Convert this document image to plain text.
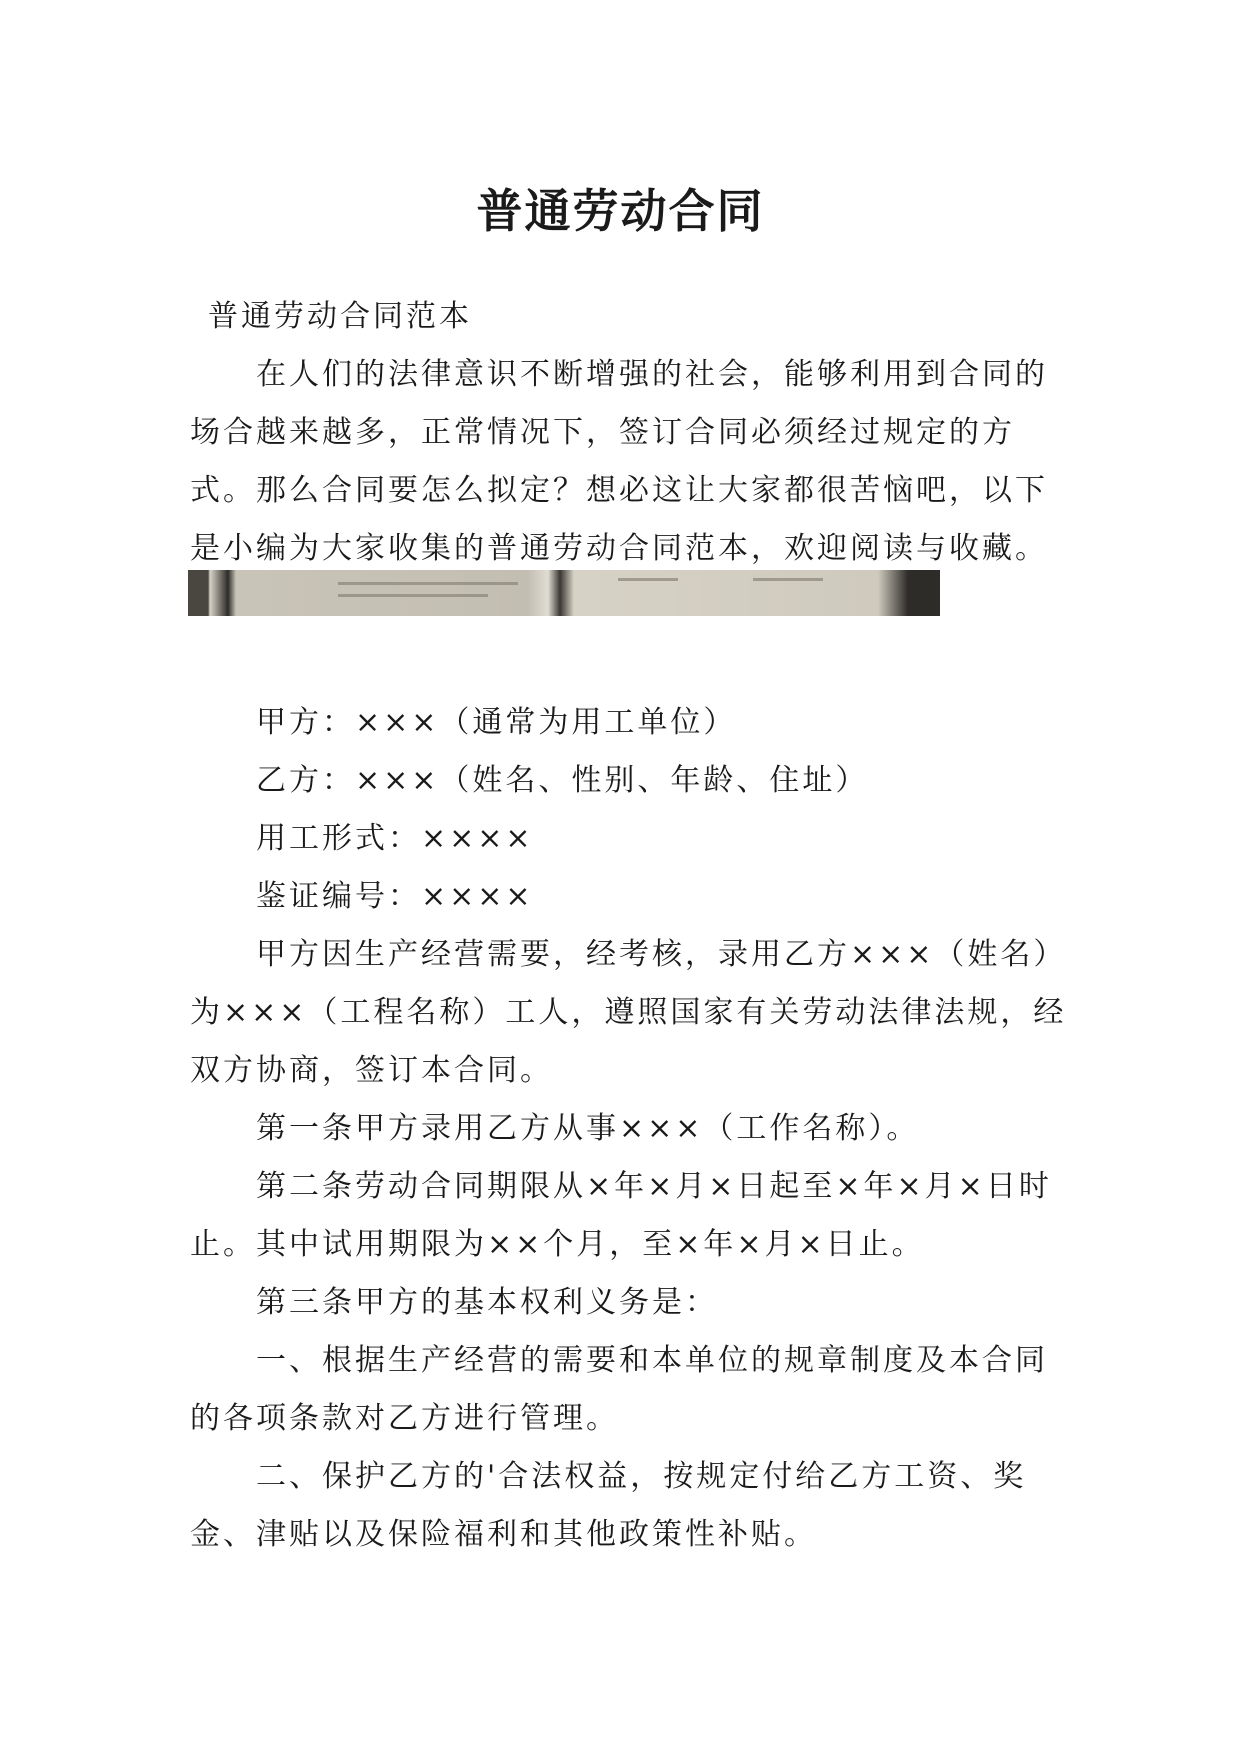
普通劳动合同

普通劳动合同范本

在人们的法律意识不断增强的社会，能够利用到合同的场合越来越多，正常情况下，签订合同必须经过规定的方式。那么合同要怎么拟定？想必这让大家都很苦恼吧，以下是小编为大家收集的普通劳动合同范本，欢迎阅读与收藏。

甲方：×××（通常为用工单位）

乙方：×××（姓名、性别、年龄、住址）

用工形式：××××

鉴证编号：××××

甲方因生产经营需要，经考核，录用乙方×××（姓名）为×××（工程名称）工人，遵照国家有关劳动法律法规，经双方协商，签订本合同。

第一条甲方录用乙方从事×××（工作名称）。

第二条劳动合同期限从×年×月×日起至×年×月×日时止。其中试用期限为××个月，至×年×月×日止。

第三条甲方的基本权利义务是：

一、根据生产经营的需要和本单位的规章制度及本合同的各项条款对乙方进行管理。

二、保护乙方的'合法权益，按规定付给乙方工资、奖金、津贴以及保险福利和其他政策性补贴。
